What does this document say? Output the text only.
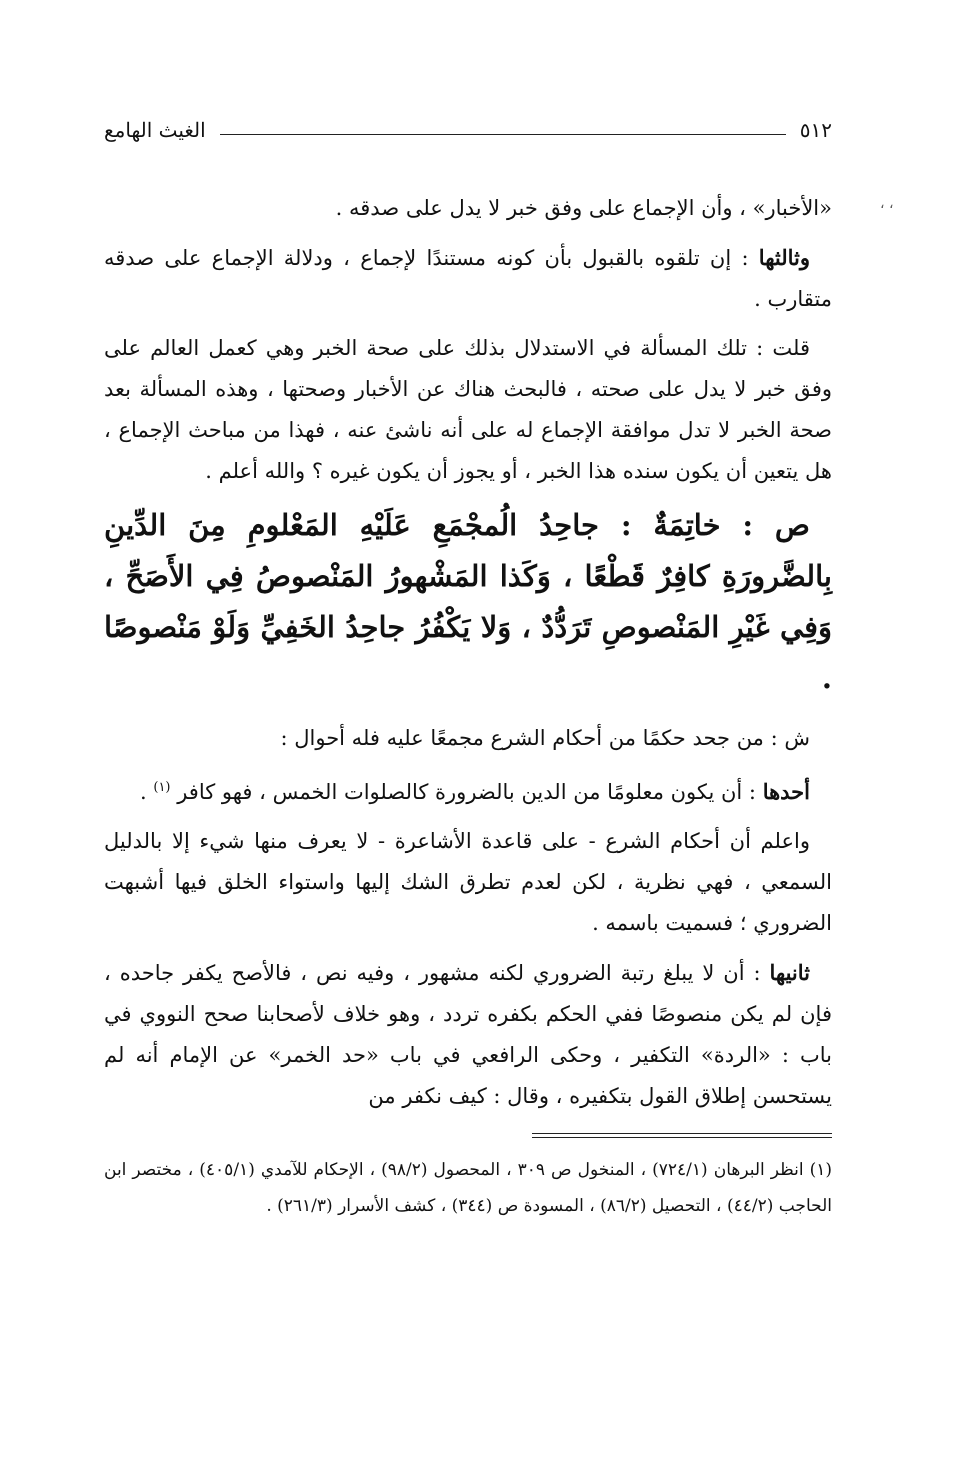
، ،
٥١٢
الغيث الهامع

«الأخبار» ، وأن الإجماع على وفق خبر لا يدل على صدقه .

وثالثها : إن تلقوه بالقبول بأن كونه مستندًا لإجماع ، ودلالة الإجماع على صدقه متقارب .

قلت : تلك المسألة في الاستدلال بذلك على صحة الخبر وهي كعمل العالم على وفق خبر لا يدل على صحته ، فالبحث هناك عن الأخبار وصحتها ، وهذه المسألة بعد صحة الخبر لا تدل موافقة الإجماع له على أنه ناشئ عنه ، فهذا من مباحث الإجماع ، هل يتعين أن يكون سنده هذا الخبر ، أو يجوز أن يكون غيره ؟ والله أعلم .

ص : خاتِمَةٌ : جاحِدُ الُمجْمَعِ عَلَيْهِ المَعْلومِ مِنَ الدِّينِ بِالضَّرورَةِ كافِرٌ قَطْعًا ، وَكَذا المَشْهورُ المَنْصوصُ فِي الأَصَحِّ ، وَفِي غَيْرِ المَنْصوصِ تَرَدُّدٌ ، وَلا يَكْفُرُ جاحِدُ الخَفِيِّ وَلَوْ مَنْصوصًا .

ش : من جحد حكمًا من أحكام الشرع مجمعًا عليه فله أحوال :

أحدها : أن يكون معلومًا من الدين بالضرورة كالصلوات الخمس ، فهو كافر $^{(١)}$ .

واعلم أن أحكام الشرع - على قاعدة الأشاعرة - لا يعرف منها شيء إلا بالدليل السمعي ، فهي نظرية ، لكن لعدم تطرق الشك إليها واستواء الخلق فيها أشبهت الضروري ؛ فسميت باسمه .

ثانيها : أن لا يبلغ رتبة الضروري لكنه مشهور ، وفيه نص ، فالأصح يكفر جاحده ، فإن لم يكن منصوصًا ففي الحكم بكفره تردد ، وهو خلاف لأصحابنا صحح النووي في باب : «الردة» التكفير ، وحكى الرافعي في باب «حد الخمر» عن الإمام أنه لم يستحسن إطلاق القول بتكفيره ، وقال : كيف نكفر من

(١) انظر البرهان (٧٢٤/١) ، المنخول ص ٣٠٩ ، المحصول (٩٨/٢) ، الإحكام للآمدي (٤٠٥/١) ، مختصر ابن الحاجب (٤٤/٢) ، التحصيل (٨٦/٢) ، المسودة ص (٣٤٤) ، كشف الأسرار (٢٦١/٣) .
